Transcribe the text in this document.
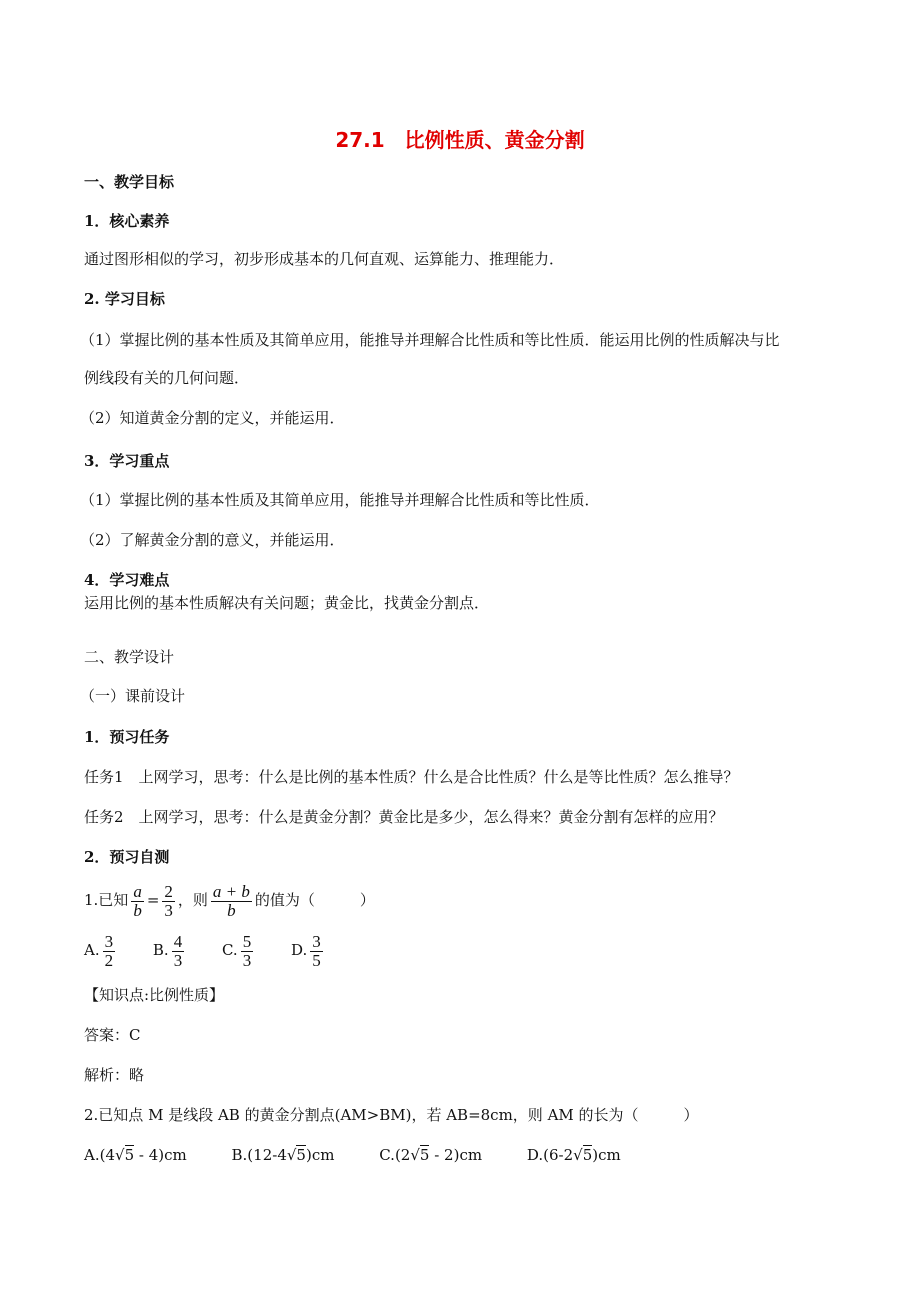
27.1　比例性质、黄金分割
一、教学目标
1．核心素养
通过图形相似的学习，初步形成基本的几何直观、运算能力、推理能力．
2. 学习目标
（1）掌握比例的基本性质及其简单应用，能推导并理解合比性质和等比性质．能运用比例的性质解决与比
例线段有关的几何问题．
（2）知道黄金分割的定义，并能运用．
3．学习重点
（1）掌握比例的基本性质及其简单应用，能推导并理解合比性质和等比性质．
（2）了解黄金分割的意义，并能运用．
4．学习难点
运用比例的基本性质解决有关问题；黄金比，找黄金分割点．
二、教学设计
（一）课前设计
1．预习任务
任务1　上网学习，思考：什么是比例的基本性质？什么是合比性质？什么是等比性质？怎么推导？
任务2　上网学习，思考：什么是黄金分割？黄金比是多少，怎么得来？黄金分割有怎样的应用？
2．预习自测
1.已知 $\frac{a}{b} = \frac{2}{3}$ ，则 $\frac{a + b}{b}$ 的值为（　　　）
A. $\frac{3}{2}$	B. $\frac{4}{3}$	C. $\frac{5}{3}$	D. $\frac{3}{5}$
【知识点:比例性质】
答案：C
解析：略
2.已知点 M 是线段 AB 的黄金分割点(AM>BM)，若 AB=8cm，则 AM 的长为（　　　）
A.(4√5 - 4)cm	B.(12-4√5)cm	C.(2√5 - 2)cm	D.(6-2√5)cm
